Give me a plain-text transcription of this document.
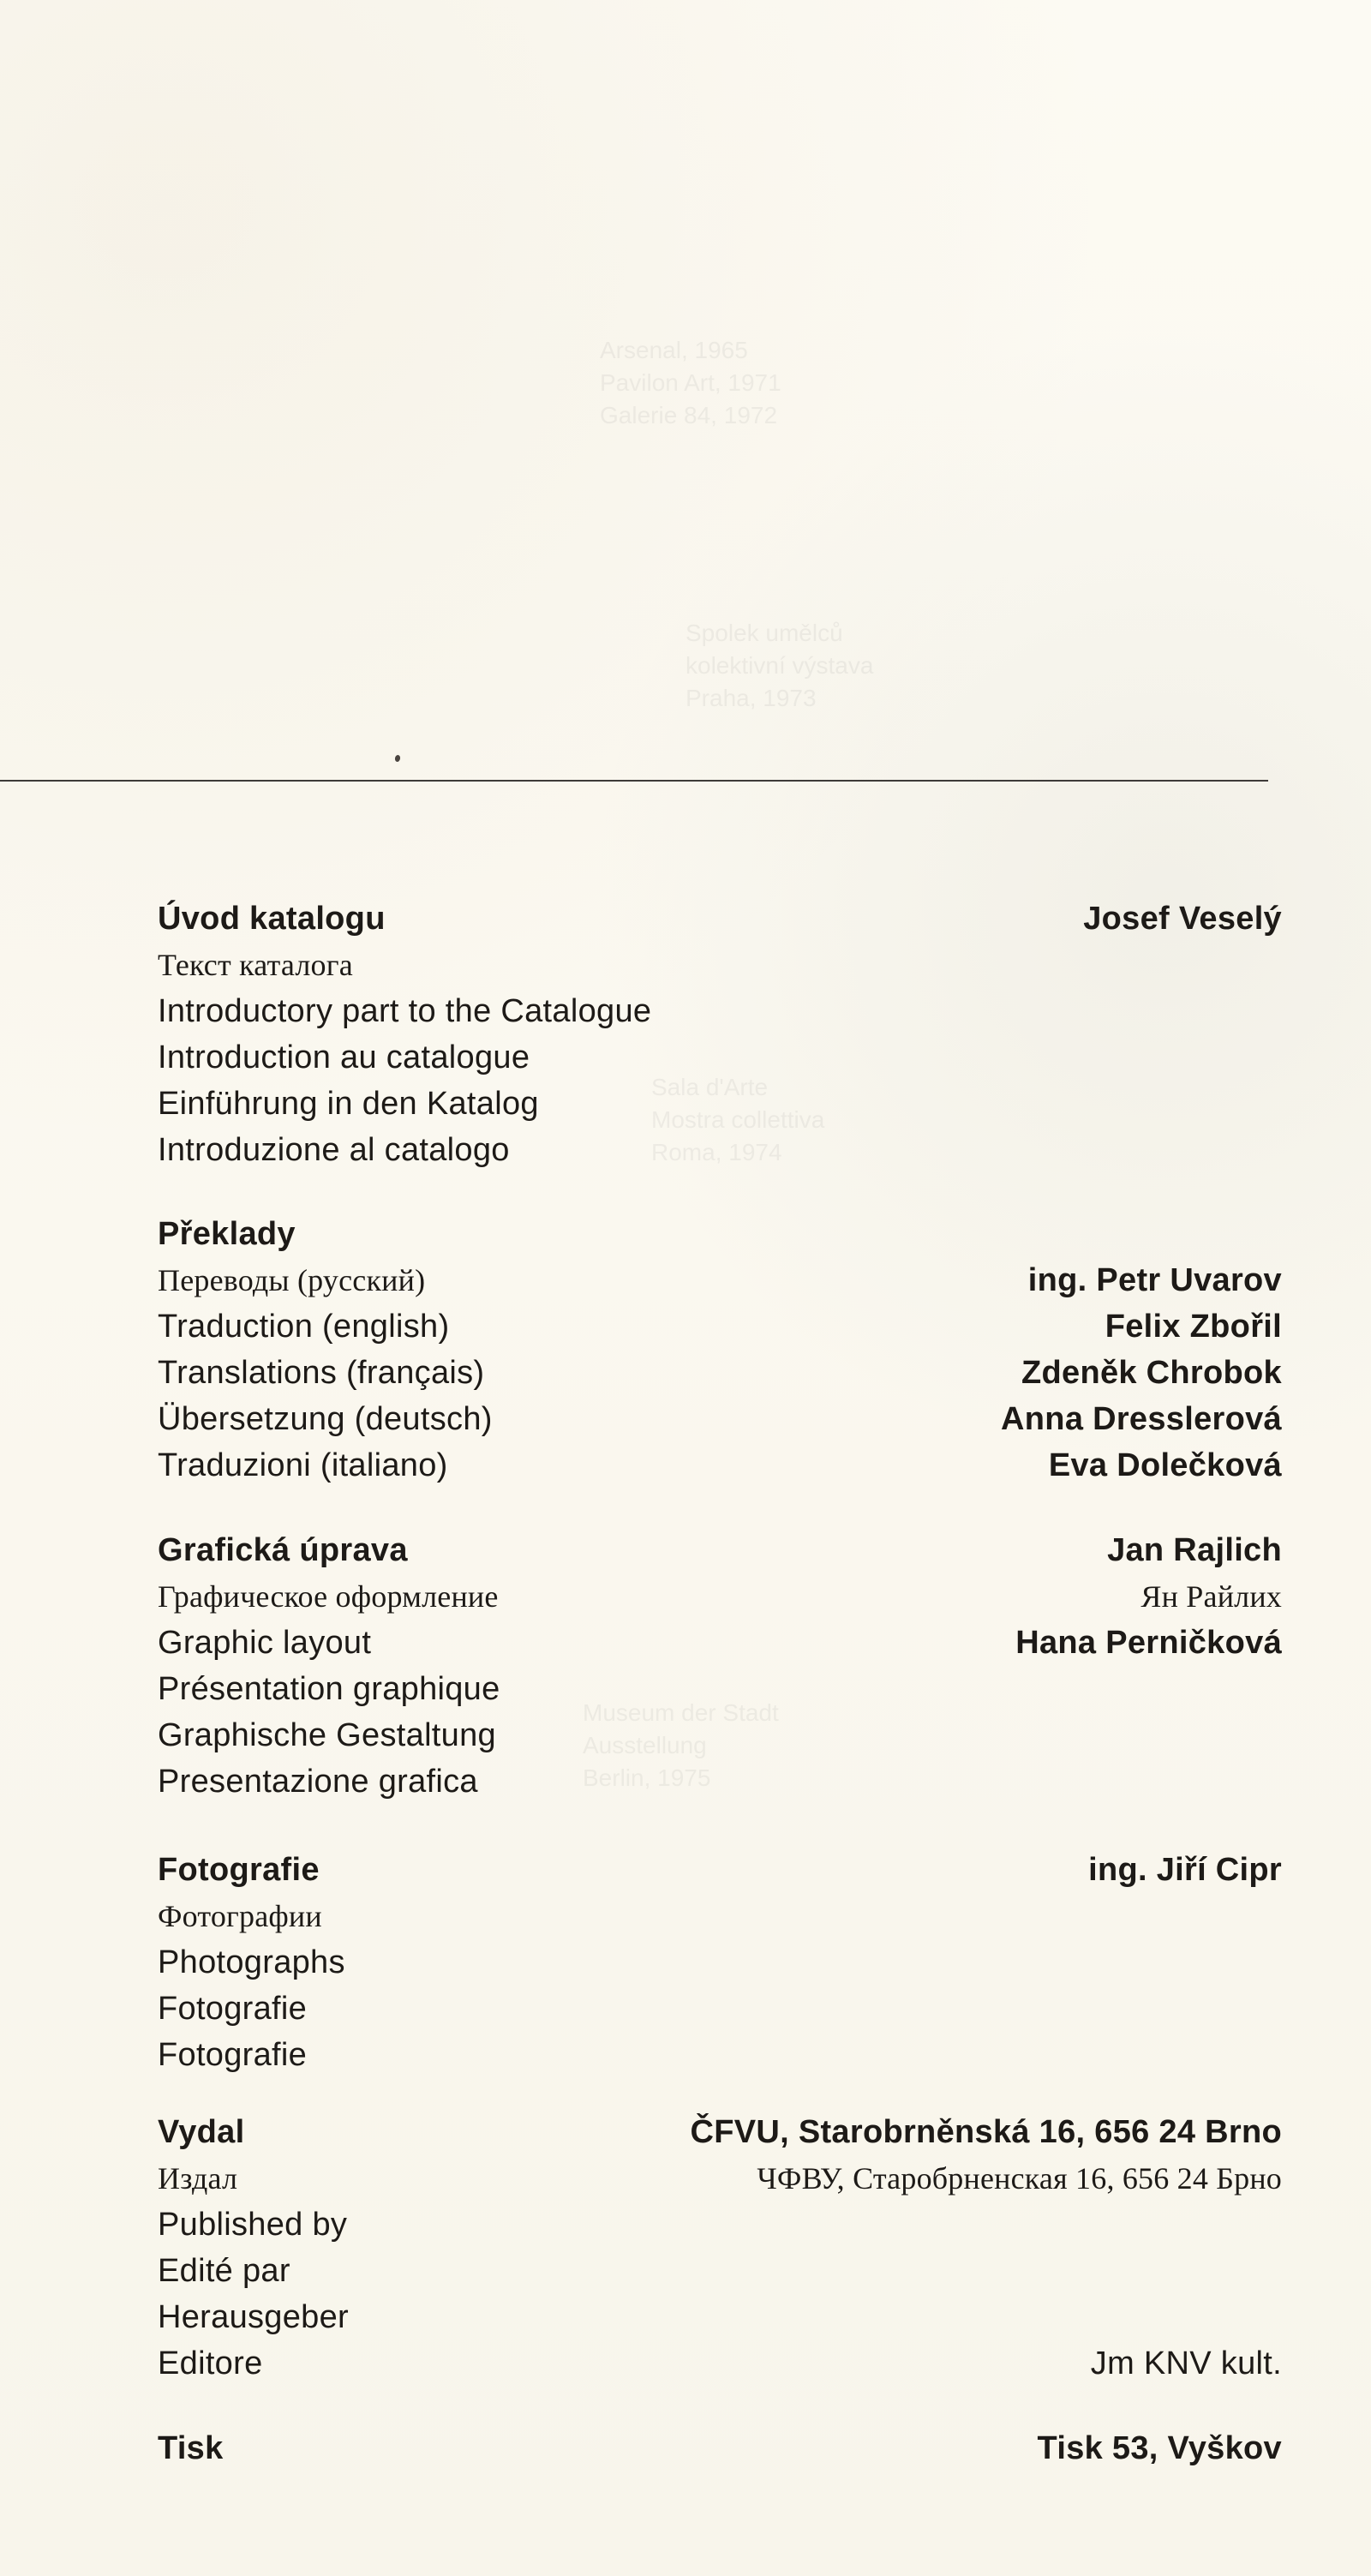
Arsenal, 1965
Pavilon Art, 1971
Galerie 84, 1972
Spolek umělců
kolektivní výstava
Praha, 1973
Sala d'Arte
Mostra collettiva
Roma, 1974
Museum der Stadt
Ausstellung
Berlin, 1975
Úvod katalogu	Josef Veselý
Текст каталога
Introductory part to the Catalogue
Introduction au catalogue
Einführung in den Katalog
Introduzione al catalogo
Překlady
Переводы (русский)	ing. Petr Uvarov
Traduction (english)	Felix Zbořil
Translations (français)	Zdeněk Chrobok
Übersetzung (deutsch)	Anna Dresslerová
Traduzioni (italiano)	Eva Dolečková
Grafická úprava	Jan Rajlich
Графическое оформление	Ян Райлих
Graphic layout	Hana Perničková
Présentation graphique
Graphische Gestaltung
Presentazione grafica
Fotografie	ing. Jiří Cipr
Фотографии
Photographs
Fotografie
Fotografie
Vydal	ČFVU, Starobrněnská 16, 656 24 Brno
Издал	ЧФВУ, Старобрненская 16, 656 24 Брно
Published by
Edité par
Herausgeber
Editore	Jm KNV kult.
Tisk	Tisk 53, Vyškov
